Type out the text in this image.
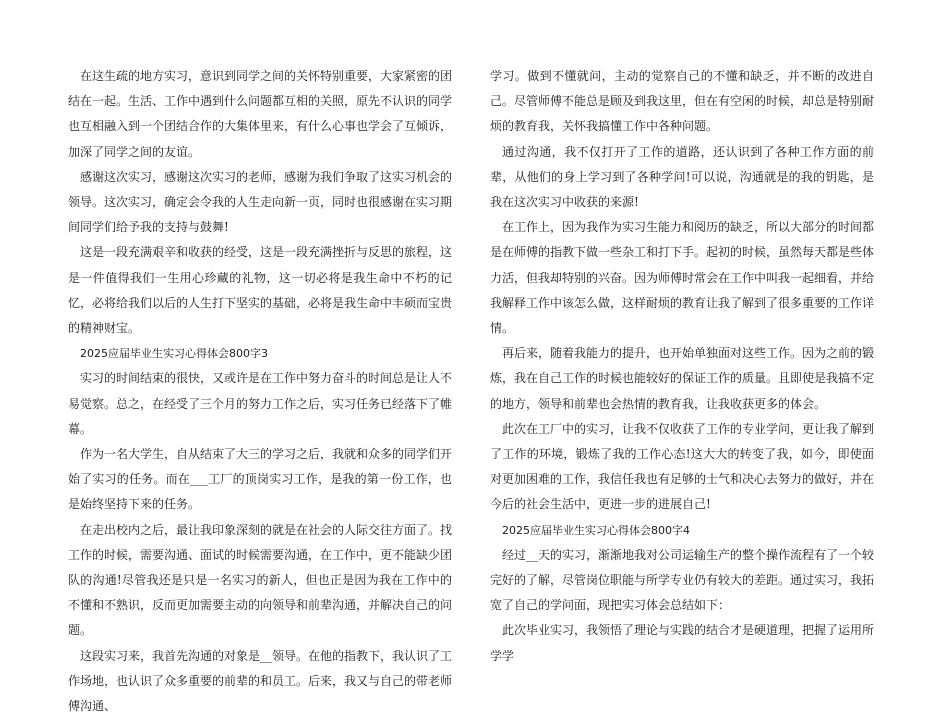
在这生疏的地方实习，意识到同学之间的关怀特别重要，大家紧密的团结在一起。生活、工作中遇到什么问题都互相的关照，原先不认识的同学也互相融入到一个团结合作的大集体里来，有什么心事也学会了互倾诉，加深了同学之间的友谊。

感谢这次实习，感谢这次实习的老师，感谢为我们争取了这实习机会的领导。这次实习，确定会令我的人生走向新一页，同时也很感谢在实习期间同学们给予我的支持与鼓舞!

这是一段充满艰辛和收获的经受，这是一段充满挫折与反思的旅程，这是一件值得我们一生用心珍藏的礼物，这一切必将是我生命中不朽的记忆，必将给我们以后的人生打下坚实的基础，必将是我生命中丰硕而宝贵的精神财宝。

2025应届毕业生实习心得体会800字3

实习的时间结束的很快，又或许是在工作中努力奋斗的时间总是让人不易觉察。总之，在经受了三个月的努力工作之后，实习任务已经落下了帷幕。

作为一名大学生，自从结束了大三的学习之后，我就和众多的同学们开始了实习的任务。而在___工厂的顶岗实习工作，是我的第一份工作，也是始终坚持下来的任务。

在走出校内之后，最让我印象深刻的就是在社会的人际交往方面了。找工作的时候，需要沟通、面试的时候需要沟通，在工作中，更不能缺少团队的沟通!尽管我还是只是一名实习的新人，但也正是因为我在工作中的不懂和不熟识，反而更加需要主动的向领导和前辈沟通，并解决自己的问题。

这段实习来，我首先沟通的对象是__领导。在他的指教下，我认识了工作场地，也认识了众多重要的前辈的和员工。后来，我又与自己的带老师傅沟通、

学习。做到不懂就问，主动的觉察自己的不懂和缺乏，并不断的改进自己。尽管师傅不能总是顾及到我这里，但在有空闲的时候，却总是特别耐烦的教育我，关怀我搞懂工作中各种问题。

通过沟通，我不仅打开了工作的道路，还认识到了各种工作方面的前辈，从他们的身上学习到了各种学问!可以说，沟通就是的我的钥匙，是我在这次实习中收获的来源!

在工作上，因为我作为实习生能力和阅历的缺乏，所以大部分的时间都是在师傅的指教下做一些杂工和打下手。起初的时候，虽然每天都是些体力活，但我却特别的兴奋。因为师傅时常会在工作中叫我一起细看，并给我解释工作中该怎么做，这样耐烦的教育让我了解到了很多重要的工作详情。

再后来，随着我能力的提升，也开始单独面对这些工作。因为之前的锻炼，我在自己工作的时候也能较好的保证工作的质量。且即使是我搞不定的地方，领导和前辈也会热情的教育我，让我收获更多的体会。

此次在工厂中的实习，让我不仅收获了工作的专业学问，更让我了解到了工作的环境，锻炼了我的工作心态!这大大的转变了我，如今，即使面对更加困难的工作，我信任我也有足够的士气和决心去努力的做好，并在今后的社会生活中，更进一步的进展自己!

2025应届毕业生实习心得体会800字4

经过__天的实习，渐渐地我对公司运输生产的整个操作流程有了一个较完好的了解，尽管岗位职能与所学专业仍有较大的差距。通过实习，我拓宽了自己的学问面，现把实习体会总结如下：

此次毕业实习，我领悟了理论与实践的结合才是硬道理，把握了运用所学学
